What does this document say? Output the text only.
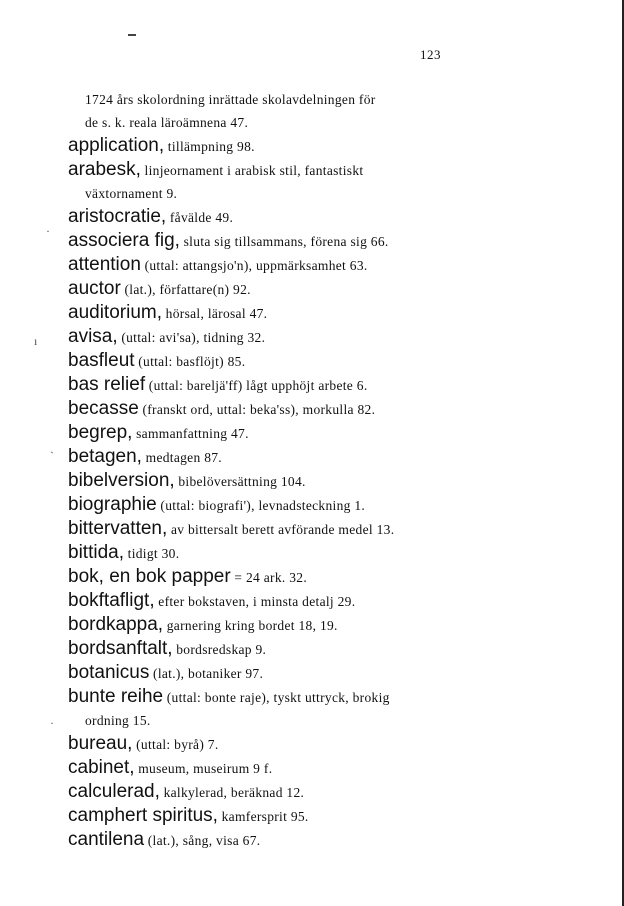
123
1724 års skolordning inrättade skolavdelningen för
de s. k. reala läroämnena 47.
application, tillämpning 98.
arabesk, linjeornament i arabisk stil, fantastiskt
växtornament 9.
aristocratie, fåvälde 49.
associera fig, sluta sig tillsammans, förena sig 66.
attention (uttal: attangsjo'n), uppmärksamhet 63.
auctor (lat.), författare(n) 92.
auditorium, hörsal, lärosal 47.
avisa, (uttal: avi'sa), tidning 32.
basfleut (uttal: basflöjt) 85.
bas relief (uttal: bareljä'ff) lågt upphöjt arbete 6.
becasse (franskt ord, uttal: beka'ss), morkulla 82.
begrep, sammanfattning 47.
betagen, medtagen 87.
bibelversion, bibelöversättning 104.
biographie (uttal: biografi'), levnadsteckning 1.
bittervatten, av bittersalt berett avförande medel 13.
bittida, tidigt 30.
bok, en bok papper = 24 ark. 32.
bokftafligt, efter bokstaven, i minsta detalj 29.
bordkappa, garnering kring bordet 18, 19.
bordsanftalt, bordsredskap 9.
botanicus (lat.), botaniker 97.
bunte reihe (uttal: bonte raje), tyskt uttryck, brokig
ordning 15.
bureau, (uttal: byrå) 7.
cabinet, museum, museirum 9 f.
calculerad, kalkylerad, beräknad 12.
camphert spiritus, kamfersprit 95.
cantilena (lat.), sång, visa 67.
·
ı
ˎ
·
